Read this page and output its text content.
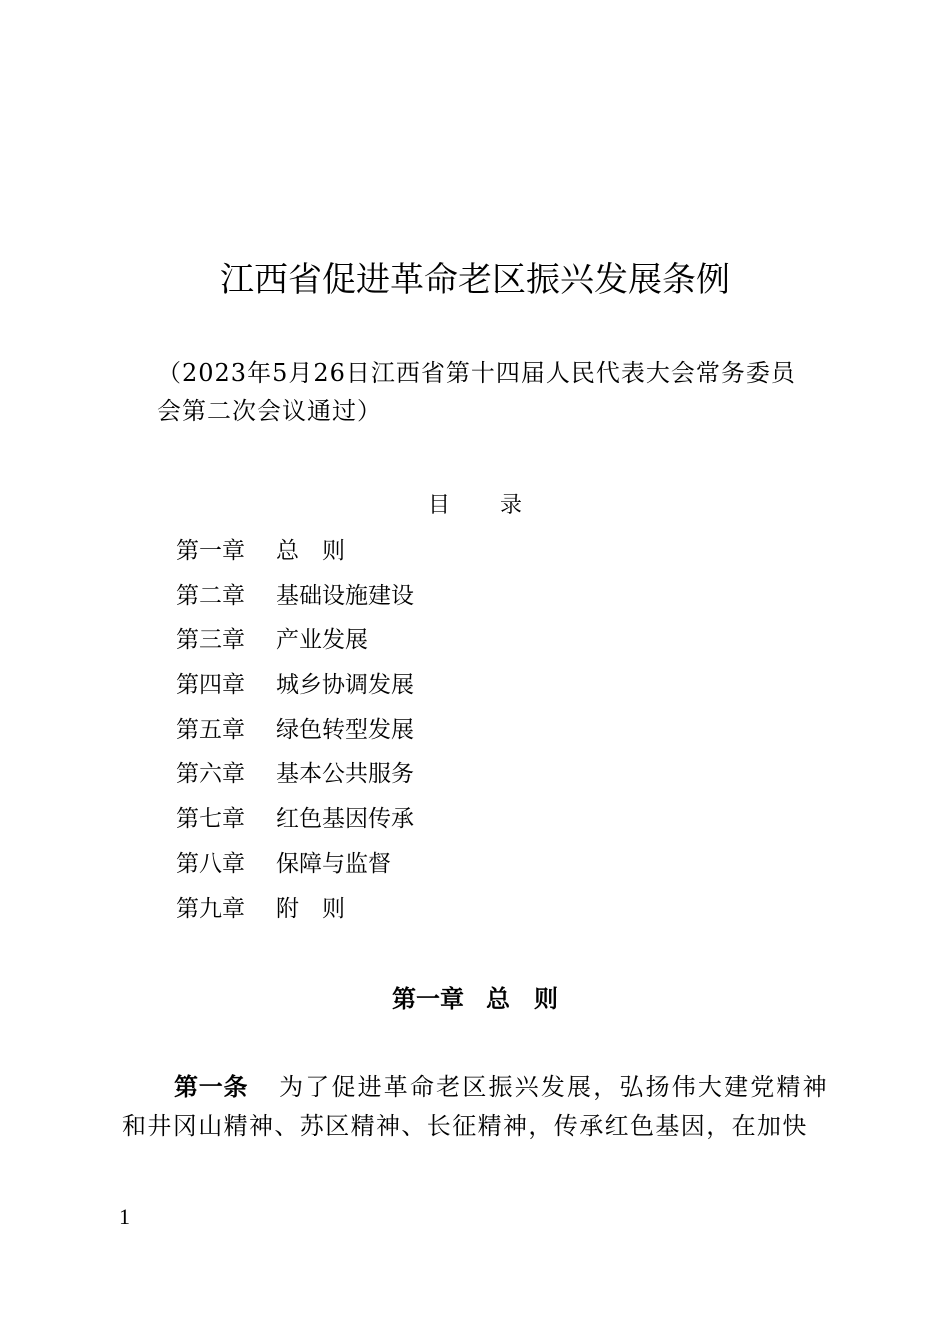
江西省促进革命老区振兴发展条例
（2023年5月26日江西省第十四届人民代表大会常务委员会第二次会议通过）
目 录
第一章 总　则
第二章 基础设施建设
第三章 产业发展
第四章 城乡协调发展
第五章 绿色转型发展
第六章 基本公共服务
第七章 红色基因传承
第八章 保障与监督
第九章 附　则
第一章 总　则

第一条 为了促进革命老区振兴发展，弘扬伟大建党精神和井冈山精神、苏区精神、长征精神，传承红色基因，在加快

1
